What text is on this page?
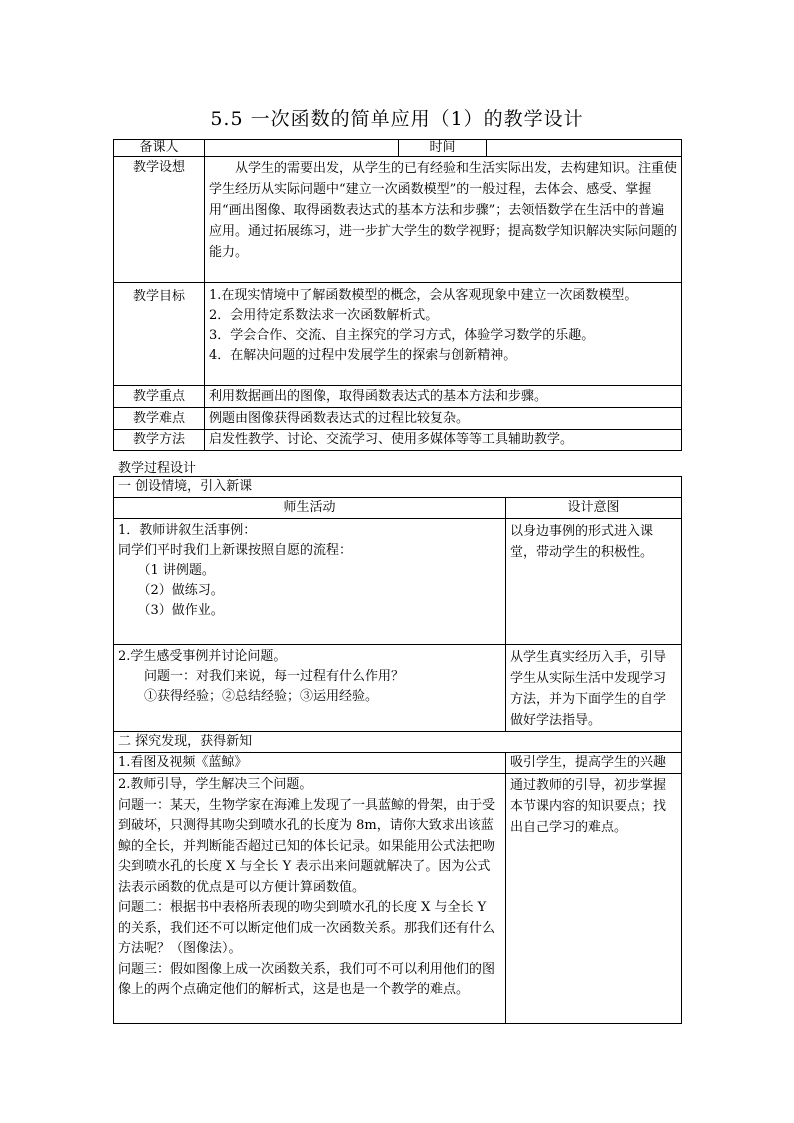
5.5 一次函数的简单应用（1）的教学设计
备课人		时间	
教学设想	从学生的需要出发，从学生的已有经验和生活实际出发，去构建知识。注重使学生经历从实际问题中“建立一次函数模型”的一般过程，去体会、感受、掌握用“画出图像、取得函数表达式的基本方法和步骤”；去领悟数学在生活中的普遍应用。通过拓展练习，进一步扩大学生的数学视野；提高数学知识解决实际问题的能力。		

教学目标	1.在现实情境中了解函数模型的概念，会从客观现象中建立一次函数模型。

2．会用待定系数法求一次函数解析式。

3．学会合作、交流、自主探究的学习方式，体验学习数学的乐趣。

4．在解决问题的过程中发展学生的探索与创新精神。		

教学重点	利用数据画出的图像，取得函数表达式的基本方法和步骤。		
教学难点	例题由图像获得函数表达式的过程比较复杂。		
教学方法	启发性教学、讨论、交流学习、使用多媒体等等工具辅助教学。		
教学过程设计
一 创设情境，引入新课	
师生活动	设计意图

1．教师讲叙生活事例：

同学们平时我们上新课按照自愿的流程：

（1 讲例题。

（2）做练习。

（3）做作业。	以身边事例的形式进入课堂，带动学生的积极性。

2.学生感受事例并讨论问题。

问题一：对我们来说，每一过程有什么作用？

①获得经验；②总结经验；③运用经验。	从学生真实经历入手，引导学生从实际生活中发现学习方法，并为下面学生的自学做好学法指导。
二 探究发现，获得新知	
1.看图及视频《蓝鲸》	吸引学生，提高学生的兴趣

2.教师引导，学生解决三个问题。

问题一：某天，生物学家在海滩上发现了一具蓝鲸的骨架，由于受到破坏，只测得其吻尖到喷水孔的长度为 8m，请你大致求出该蓝鲸的全长，并判断能否超过已知的体长记录。如果能用公式法把吻尖到喷水孔的长度 X 与全长 Y 表示出来问题就解决了。因为公式法表示函数的优点是可以方便计算函数值。

问题二：根据书中表格所表现的吻尖到喷水孔的长度 X 与全长 Y 的关系，我们还不可以断定他们成一次函数关系。那我们还有什么方法呢？（图像法）。

问题三：假如图像上成一次函数关系，我们可不可以利用他们的图像上的两个点确定他们的解析式，这是也是一个教学的难点。	通过教师的引导，初步掌握本节课内容的知识要点；找出自己学习的难点。
